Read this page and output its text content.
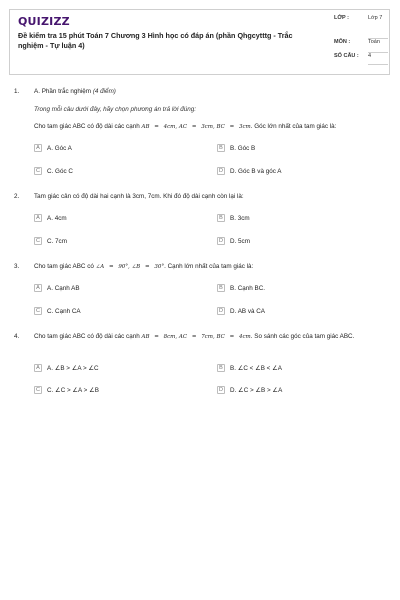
QUIZIZZ
Đề kiểm tra 15 phút Toán 7 Chương 3 Hình học có đáp án (phần Qhgcytttg - Trắc nghiệm - Tự luận 4)
LỚP :	Lớp 7
MÔN :	Toán
SỐ CÂU :	4
1. A. Phần trắc nghiệm (4 điểm)
Trong mỗi câu dưới đây, hãy chọn phương án trả lời đúng:
Cho tam giác ABC có độ dài các cạnh AB = 4cm, AC = 3cm, BC = 3cm. Góc lớn nhất của tam giác là:
A	A. Góc A	B	B. Góc B
C	C. Góc C	D	D. Góc B và góc A
2. Tam giác cân có độ dài hai cạnh là 3cm, 7cm. Khi đó độ dài cạnh còn lại là:
A	A. 4cm	B	B. 3cm
C	C. 7cm	D	D. 5cm
3. Cho tam giác ABC có ∠A = 90°, ∠B = 30°. Cạnh lớn nhất của tam giác là:
A	A. Cạnh AB	B	B. Cạnh BC.
C	C. Cạnh CA	D	D. AB và CA
4. Cho tam giác ABC có độ dài các cạnh AB = 8cm, AC = 7cm, BC = 4cm. So sánh các góc của tam giác ABC.
A	A. ∠B > ∠A > ∠C	B	B. ∠C < ∠B < ∠A
C	C. ∠C > ∠A > ∠B	D	D. ∠C > ∠B > ∠A
